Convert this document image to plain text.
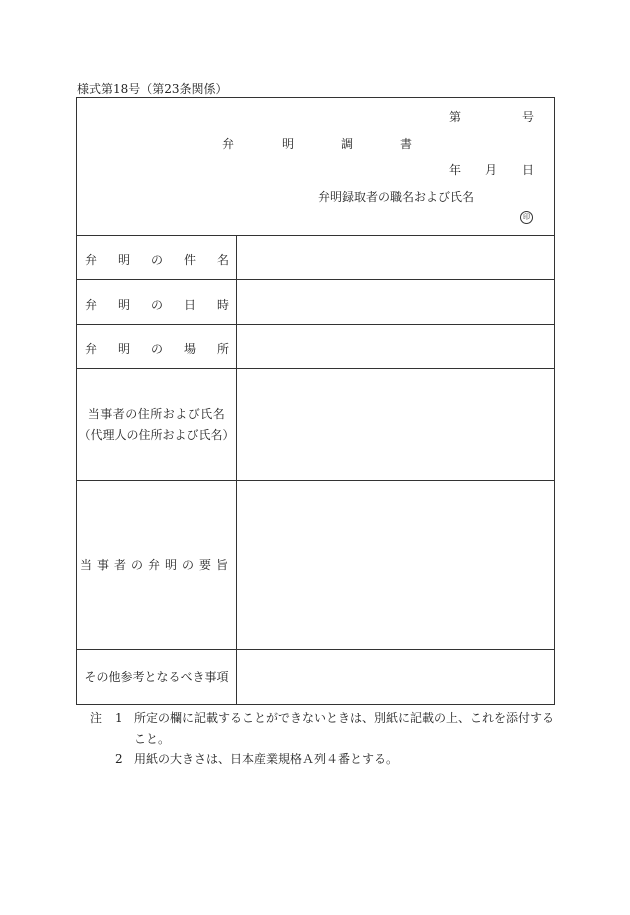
様式第18号（第23条関係）
第	号
弁	明	調	書
年 月 日
弁明録取者の職名および氏名
印
弁 明 の 件 名
弁 明 の 日 時
弁 明 の 場 所
当事者の住所および氏名
（代理人の住所および氏名）
当事者の弁明の要旨
その他参考となるべき事項
注 1 所定の欄に記載することができないときは、別紙に記載の上、これを添付する
こと。
2 用紙の大きさは、日本産業規格Ａ列４番とする。
